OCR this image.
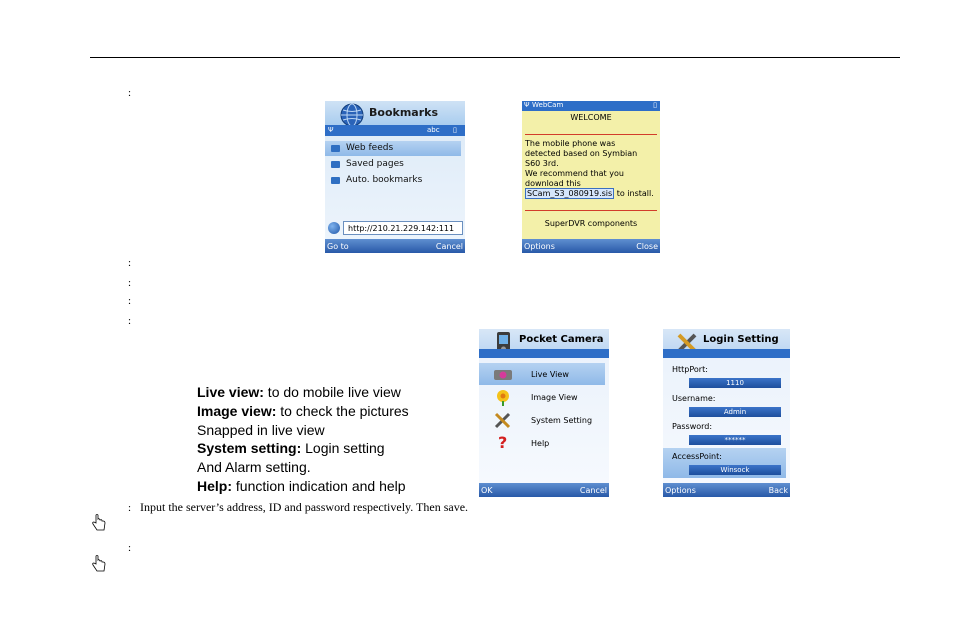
:
:
:
:
:
:
:
Bookmarks
Ψ	abc ▯
Web feeds
Saved pages
Auto. bookmarks
http://210.21.229.142:111
Go to	Cancel
Ψ WebCam	▯
WELCOME
The mobile phone was
detected based on Symbian
S60 3rd.
We recommend that you
download this
SCam_S3_080919.sis to install.
SuperDVR components
Options	Close
Live view: to do mobile live view
Image view: to check the pictures
Snapped in live view
System setting: Login setting
And Alarm setting.
Help: function indication and help
Pocket Camera
Live View
Image View
System Setting
?	Help
OK	Cancel
Login Setting
HttpPort:
1110
Username:
Admin
Password:
******
AccessPoint:
Winsock
Options	Back
Input the server’s address, ID and password respectively. Then save.
